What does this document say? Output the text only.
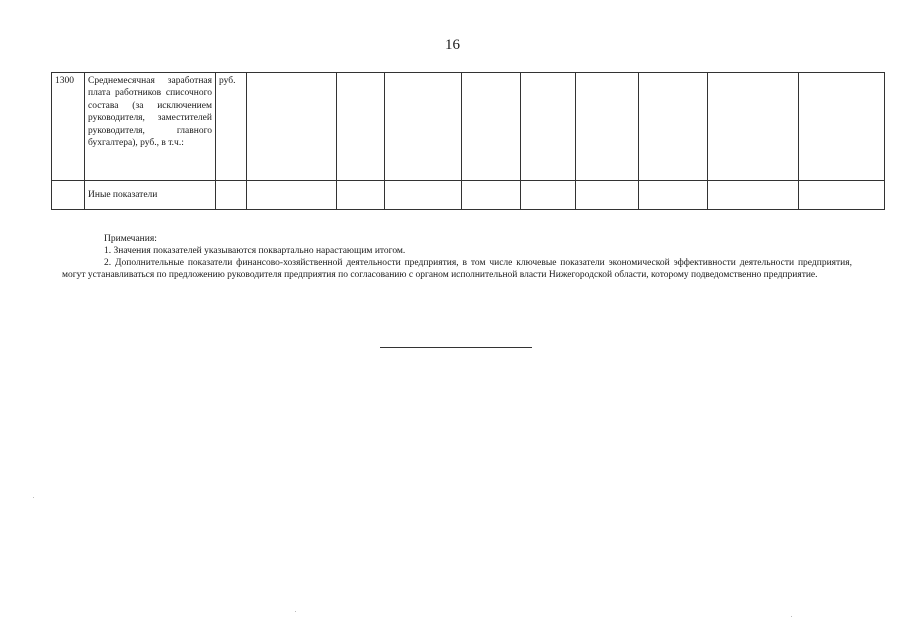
16
1300	Среднемесячная заработная плата работников списочного состава (за исключением руководителя, заместителей руководителя, главного бухгалтера), руб., в т.ч.:	руб.									
	Иные показатели										
Примечания:
1. Значения показателей указываются поквартально нарастающим итогом.
2. Дополнительные показатели финансово-хозяйственной деятельности предприятия, в том числе ключевые показатели экономической эффективности деятельности предприятия, могут устанавливаться по предложению руководителя предприятия по согласованию с органом исполнительной власти Нижегородской области, которому подведомственно предприятие.
